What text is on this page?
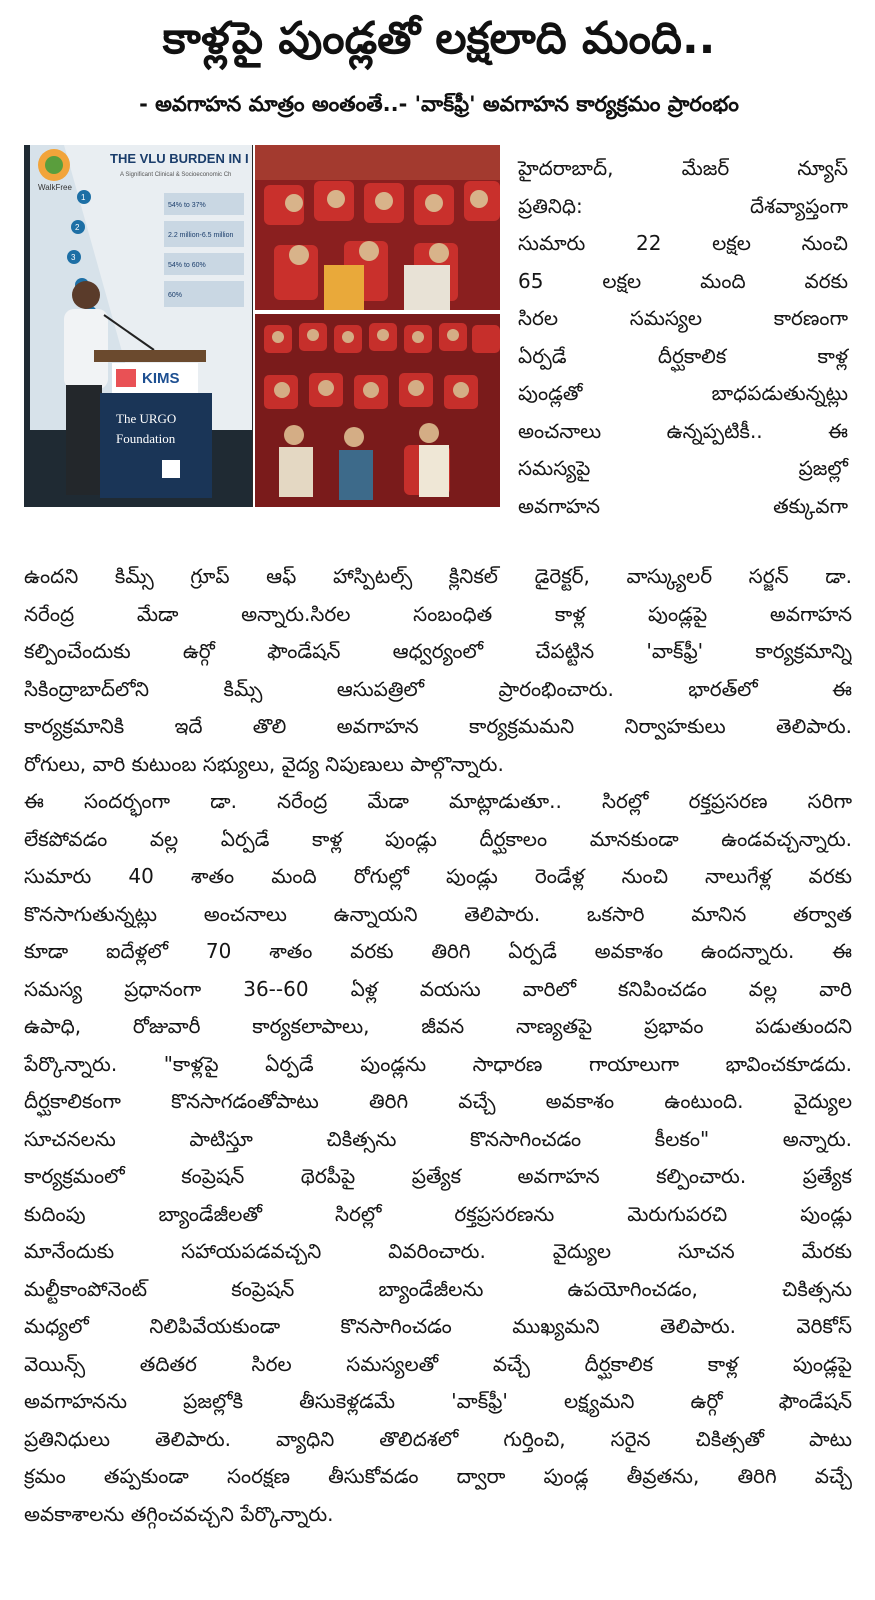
కాళ్లపై పుండ్లతో లక్షలాది మంది..
- అవగాహన మాత్రం అంతంతే..- 'వాక్‌ఫ్రీ' అవగాహన కార్యక్రమం ప్రారంభం
WalkFree
THE VLU BURDEN IN I
A Significant Clinical & Socioeconomic Ch
1
2
3
54% to 37%
2.2 million-6.5 million
54% to 60%
60%
KIMS
The URGO
Foundation
హైదరాబాద్, మేజర్ న్యూస్
ప్రతినిధి: దేశవ్యాప్తంగా
సుమారు 22 లక్షల నుంచి
65 లక్షల మంది వరకు
సిరల సమస్యల కారణంగా
ఏర్పడే దీర్ఘకాలిక కాళ్ల
పుండ్లతో బాధపడుతున్నట్లు
అంచనాలు ఉన్నప్పటికీ.. ఈ
సమస్యపై ప్రజల్లో
అవగాహన తక్కువగా
ఉందని కిమ్స్ గ్రూప్ ఆఫ్ హాస్పిటల్స్ క్లినికల్ డైరెక్టర్, వాస్క్యులర్ సర్జన్ డా.
నరేంద్ర మేడా అన్నారు.సిరల సంబంధిత కాళ్ల పుండ్లపై అవగాహన
కల్పించేందుకు ఉర్గో ఫౌండేషన్ ఆధ్వర్యంలో చేపట్టిన 'వాక్‌ఫ్రీ' కార్యక్రమాన్ని
సికింద్రాబాద్‌లోని కిమ్స్ ఆసుపత్రిలో ప్రారంభించారు. భారత్‌లో ఈ
కార్యక్రమానికి ఇదే తొలి అవగాహన కార్యక్రమమని నిర్వాహకులు తెలిపారు.
రోగులు, వారి కుటుంబ సభ్యులు, వైద్య నిపుణులు పాల్గొన్నారు.
ఈ సందర్భంగా డా. నరేంద్ర మేడా మాట్లాడుతూ.. సిరల్లో రక్తప్రసరణ సరిగా
లేకపోవడం వల్ల ఏర్పడే కాళ్ల పుండ్లు దీర్ఘకాలం మానకుండా ఉండవచ్చన్నారు.
సుమారు 40 శాతం మంది రోగుల్లో పుండ్లు రెండేళ్ల నుంచి నాలుగేళ్ల వరకు
కొనసాగుతున్నట్లు అంచనాలు ఉన్నాయని తెలిపారు. ఒకసారి మానిన తర్వాత
కూడా ఐదేళ్లలో 70 శాతం వరకు తిరిగి ఏర్పడే అవకాశం ఉందన్నారు. ఈ
సమస్య ప్రధానంగా 36--60 ఏళ్ల వయసు వారిలో కనిపించడం వల్ల వారి
ఉపాధి, రోజువారీ కార్యకలాపాలు, జీవన నాణ్యతపై ప్రభావం పడుతుందని
పేర్కొన్నారు. "కాళ్లపై ఏర్పడే పుండ్లను సాధారణ గాయాలుగా భావించకూడదు.
దీర్ఘకాలికంగా కొనసాగడంతోపాటు తిరిగి వచ్చే అవకాశం ఉంటుంది. వైద్యుల
సూచనలను పాటిస్తూ చికిత్సను కొనసాగించడం కీలకం" అన్నారు.
కార్యక్రమంలో కంప్రెషన్ థెరపీపై ప్రత్యేక అవగాహన కల్పించారు. ప్రత్యేక
కుదింపు బ్యాండేజీలతో సిరల్లో రక్తప్రసరణను మెరుగుపరచి పుండ్లు
మానేందుకు సహాయపడవచ్చని వివరించారు. వైద్యుల సూచన మేరకు
మల్టీకాంపోనెంట్ కంప్రెషన్ బ్యాండేజీలను ఉపయోగించడం, చికిత్సను
మధ్యలో నిలిపివేయకుండా కొనసాగించడం ముఖ్యమని తెలిపారు. వెరికోస్
వెయిన్స్ తదితర సిరల సమస్యలతో వచ్చే దీర్ఘకాలిక కాళ్ల పుండ్లపై
అవగాహనను ప్రజల్లోకి తీసుకెళ్లడమే 'వాక్‌ఫ్రీ' లక్ష్యమని ఉర్గో ఫౌండేషన్
ప్రతినిధులు తెలిపారు. వ్యాధిని తొలిదశలో గుర్తించి, సరైన చికిత్సతో పాటు
క్రమం తప్పకుండా సంరక్షణ తీసుకోవడం ద్వారా పుండ్ల తీవ్రతను, తిరిగి వచ్చే
అవకాశాలను తగ్గించవచ్చని పేర్కొన్నారు.
